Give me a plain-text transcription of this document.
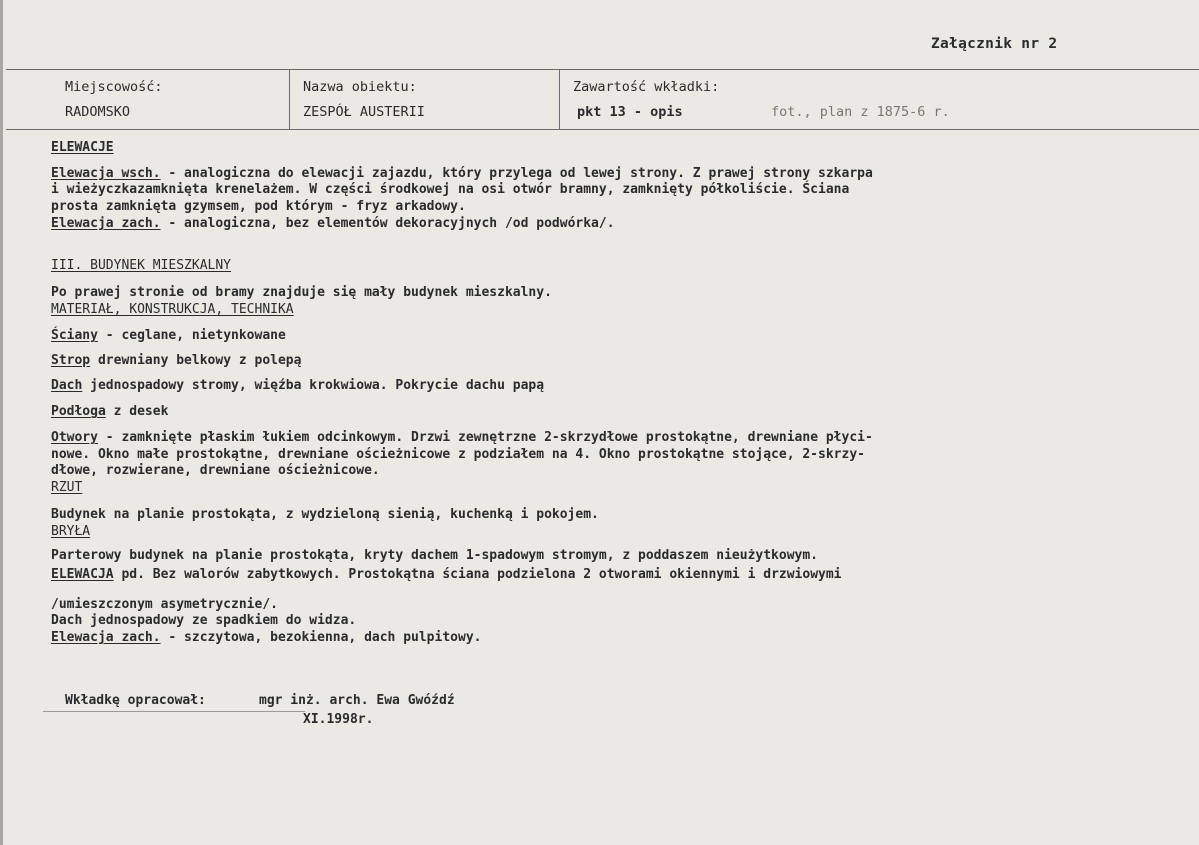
Załącznik nr 2
Miejscowość:
RADOMSKO
Nazwa obiektu:
ZESPÓŁ AUSTERII
Zawartość wkładki:
pkt 13 - opis	fot., plan z 1875-6 r.
ELEWACJE
Elewacja wsch. - analogiczna do elewacji zajazdu, który przylega od lewej strony. Z prawej strony szkarpa
i wieżyczkazamknięta krenelażem. W części środkowej na osi otwór bramny, zamknięty półkoliście. Ściana
prosta zamknięta gzymsem, pod którym - fryz arkadowy.
Elewacja zach. - analogiczna, bez elementów dekoracyjnych /od podwórka/.
III. BUDYNEK MIESZKALNY
Po prawej stronie od bramy znajduje się mały budynek mieszkalny.
MATERIAŁ, KONSTRUKCJA, TECHNIKA
Ściany - ceglane, nietynkowane
Strop drewniany belkowy z polepą
Dach jednospadowy stromy, więźba krokwiowa. Pokrycie dachu papą
Podłoga z desek
Otwory - zamknięte płaskim łukiem odcinkowym. Drzwi zewnętrzne 2-skrzydłowe prostokątne, drewniane płyci-
nowe. Okno małe prostokątne, drewniane ościeżnicowe z podziałem na 4. Okno prostokątne stojące, 2-skrzy-
dłowe, rozwierane, drewniane ościeżnicowe.
RZUT
Budynek na planie prostokąta, z wydzieloną sienią, kuchenką i pokojem.
BRYŁA
Parterowy budynek na planie prostokąta, kryty dachem 1-spadowym stromym, z poddaszem nieużytkowym.
ELEWACJA pd. Bez walorów zabytkowych. Prostokątna ściana podzielona 2 otworami okiennymi i drzwiowymi
/umieszczonym asymetrycznie/.
Dach jednospadowy ze spadkiem do widza.
Elewacja zach. - szczytowa, bezokienna, dach pulpitowy.
Wkładkę opracował:	mgr inż. arch. Ewa Gwóźdź
XI.1998r.
